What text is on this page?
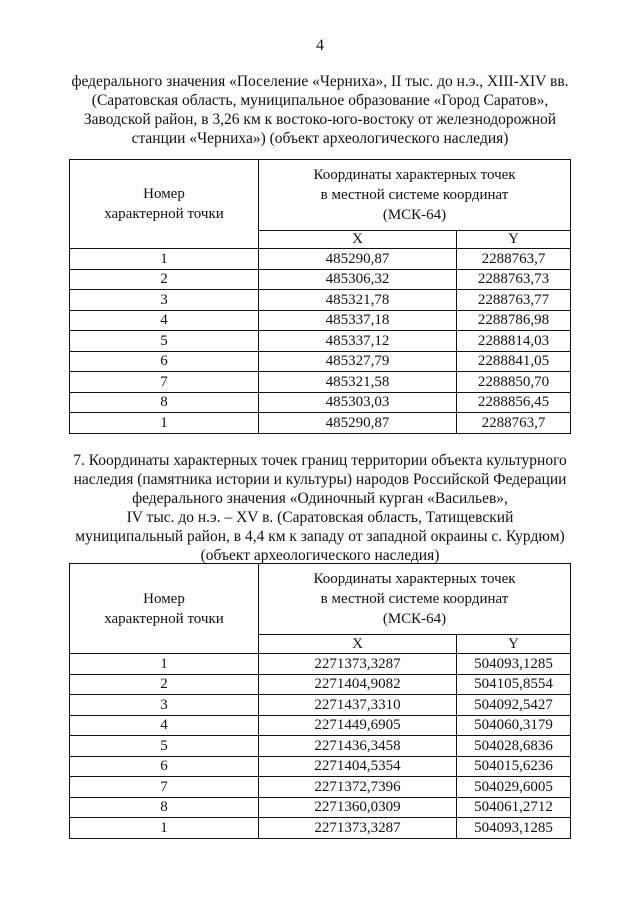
4
федерального значения «Поселение «Черниха», II тыс. до н.э., XIII-XIV вв.
(Саратовская область, муниципальное образование «Город Саратов»,
Заводской район, в 3,26 км к востоко-юго-востоку от железнодорожной
станции «Черниха») (объект археологического наследия)
Номер
характерной точки	Координаты характерных точек
в местной системе координат
(МСК-64)	

	X	Y
1	485290,87	2288763,7
2	485306,32	2288763,73
3	485321,78	2288763,77
4	485337,18	2288786,98
5	485337,12	2288814,03
6	485327,79	2288841,05
7	485321,58	2288850,70
8	485303,03	2288856,45
1	485290,87	2288763,7
7. Координаты характерных точек границ территории объекта культурного
наследия (памятника истории и культуры) народов Российской Федерации
федерального значения «Одиночный курган «Васильев»,
IV тыс. до н.э. – XV в. (Саратовская область, Татищевский
муниципальный район, в 4,4 км к западу от западной окраины с. Курдюм)
(объект археологического наследия)
Номер
характерной точки	Координаты характерных точек
в местной системе координат
(МСК-64)	

	X	Y
1	2271373,3287	504093,1285
2	2271404,9082	504105,8554
3	2271437,3310	504092,5427
4	2271449,6905	504060,3179
5	2271436,3458	504028,6836
6	2271404,5354	504015,6236
7	2271372,7396	504029,6005
8	2271360,0309	504061,2712
1	2271373,3287	504093,1285
